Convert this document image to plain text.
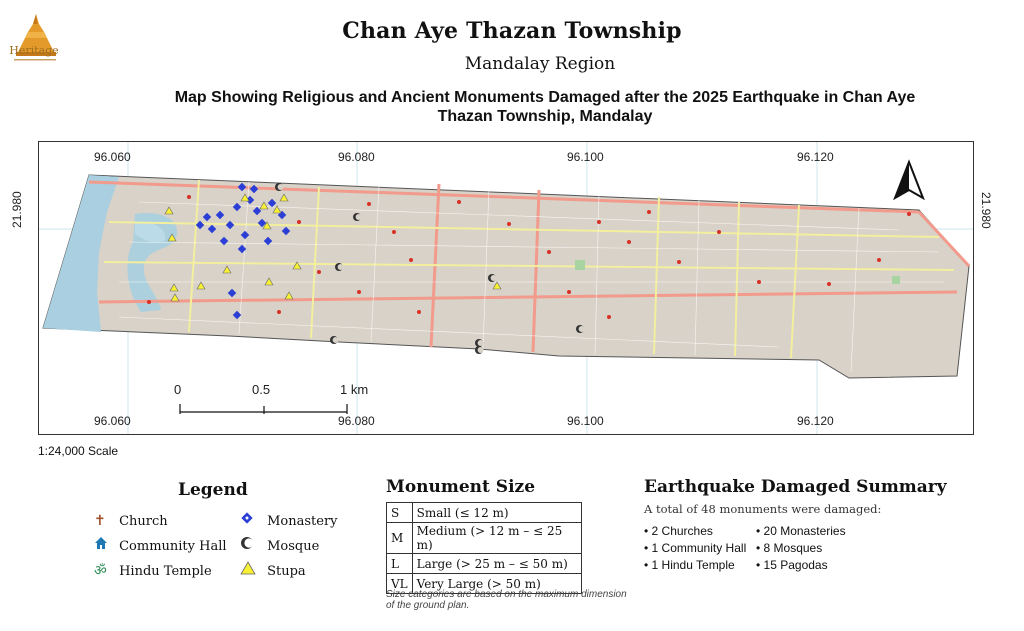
Heritage
Chan Aye Thazan Township
Mandalay Region
Map Showing Religious and Ancient Monuments Damaged after the 2025 Earthquake in Chan Aye Thazan Township, Mandalay
96.060	96.080	96.100	96.120
96.060	96.080	96.100	96.120
21.980	21.980
0	0.5	1 km
1:24,000 Scale
Legend
✝ Church
Community Hall
ॐ Hindu Temple
Monastery
Mosque
Stupa
Monument Size
S	Small (≤ 12 m)
M	Medium (> 12 m – ≤ 25 m)
L	Large (> 25 m – ≤ 50 m)
VL	Very Large (> 50 m)
Size categories are based on the maximum dimension of the ground plan.
Earthquake Damaged Summary
A total of 48 monuments were damaged:
• 2 Churches
• 1 Community Hall
• 1 Hindu Temple
• 20 Monasteries
• 8 Mosques
• 15 Pagodas
